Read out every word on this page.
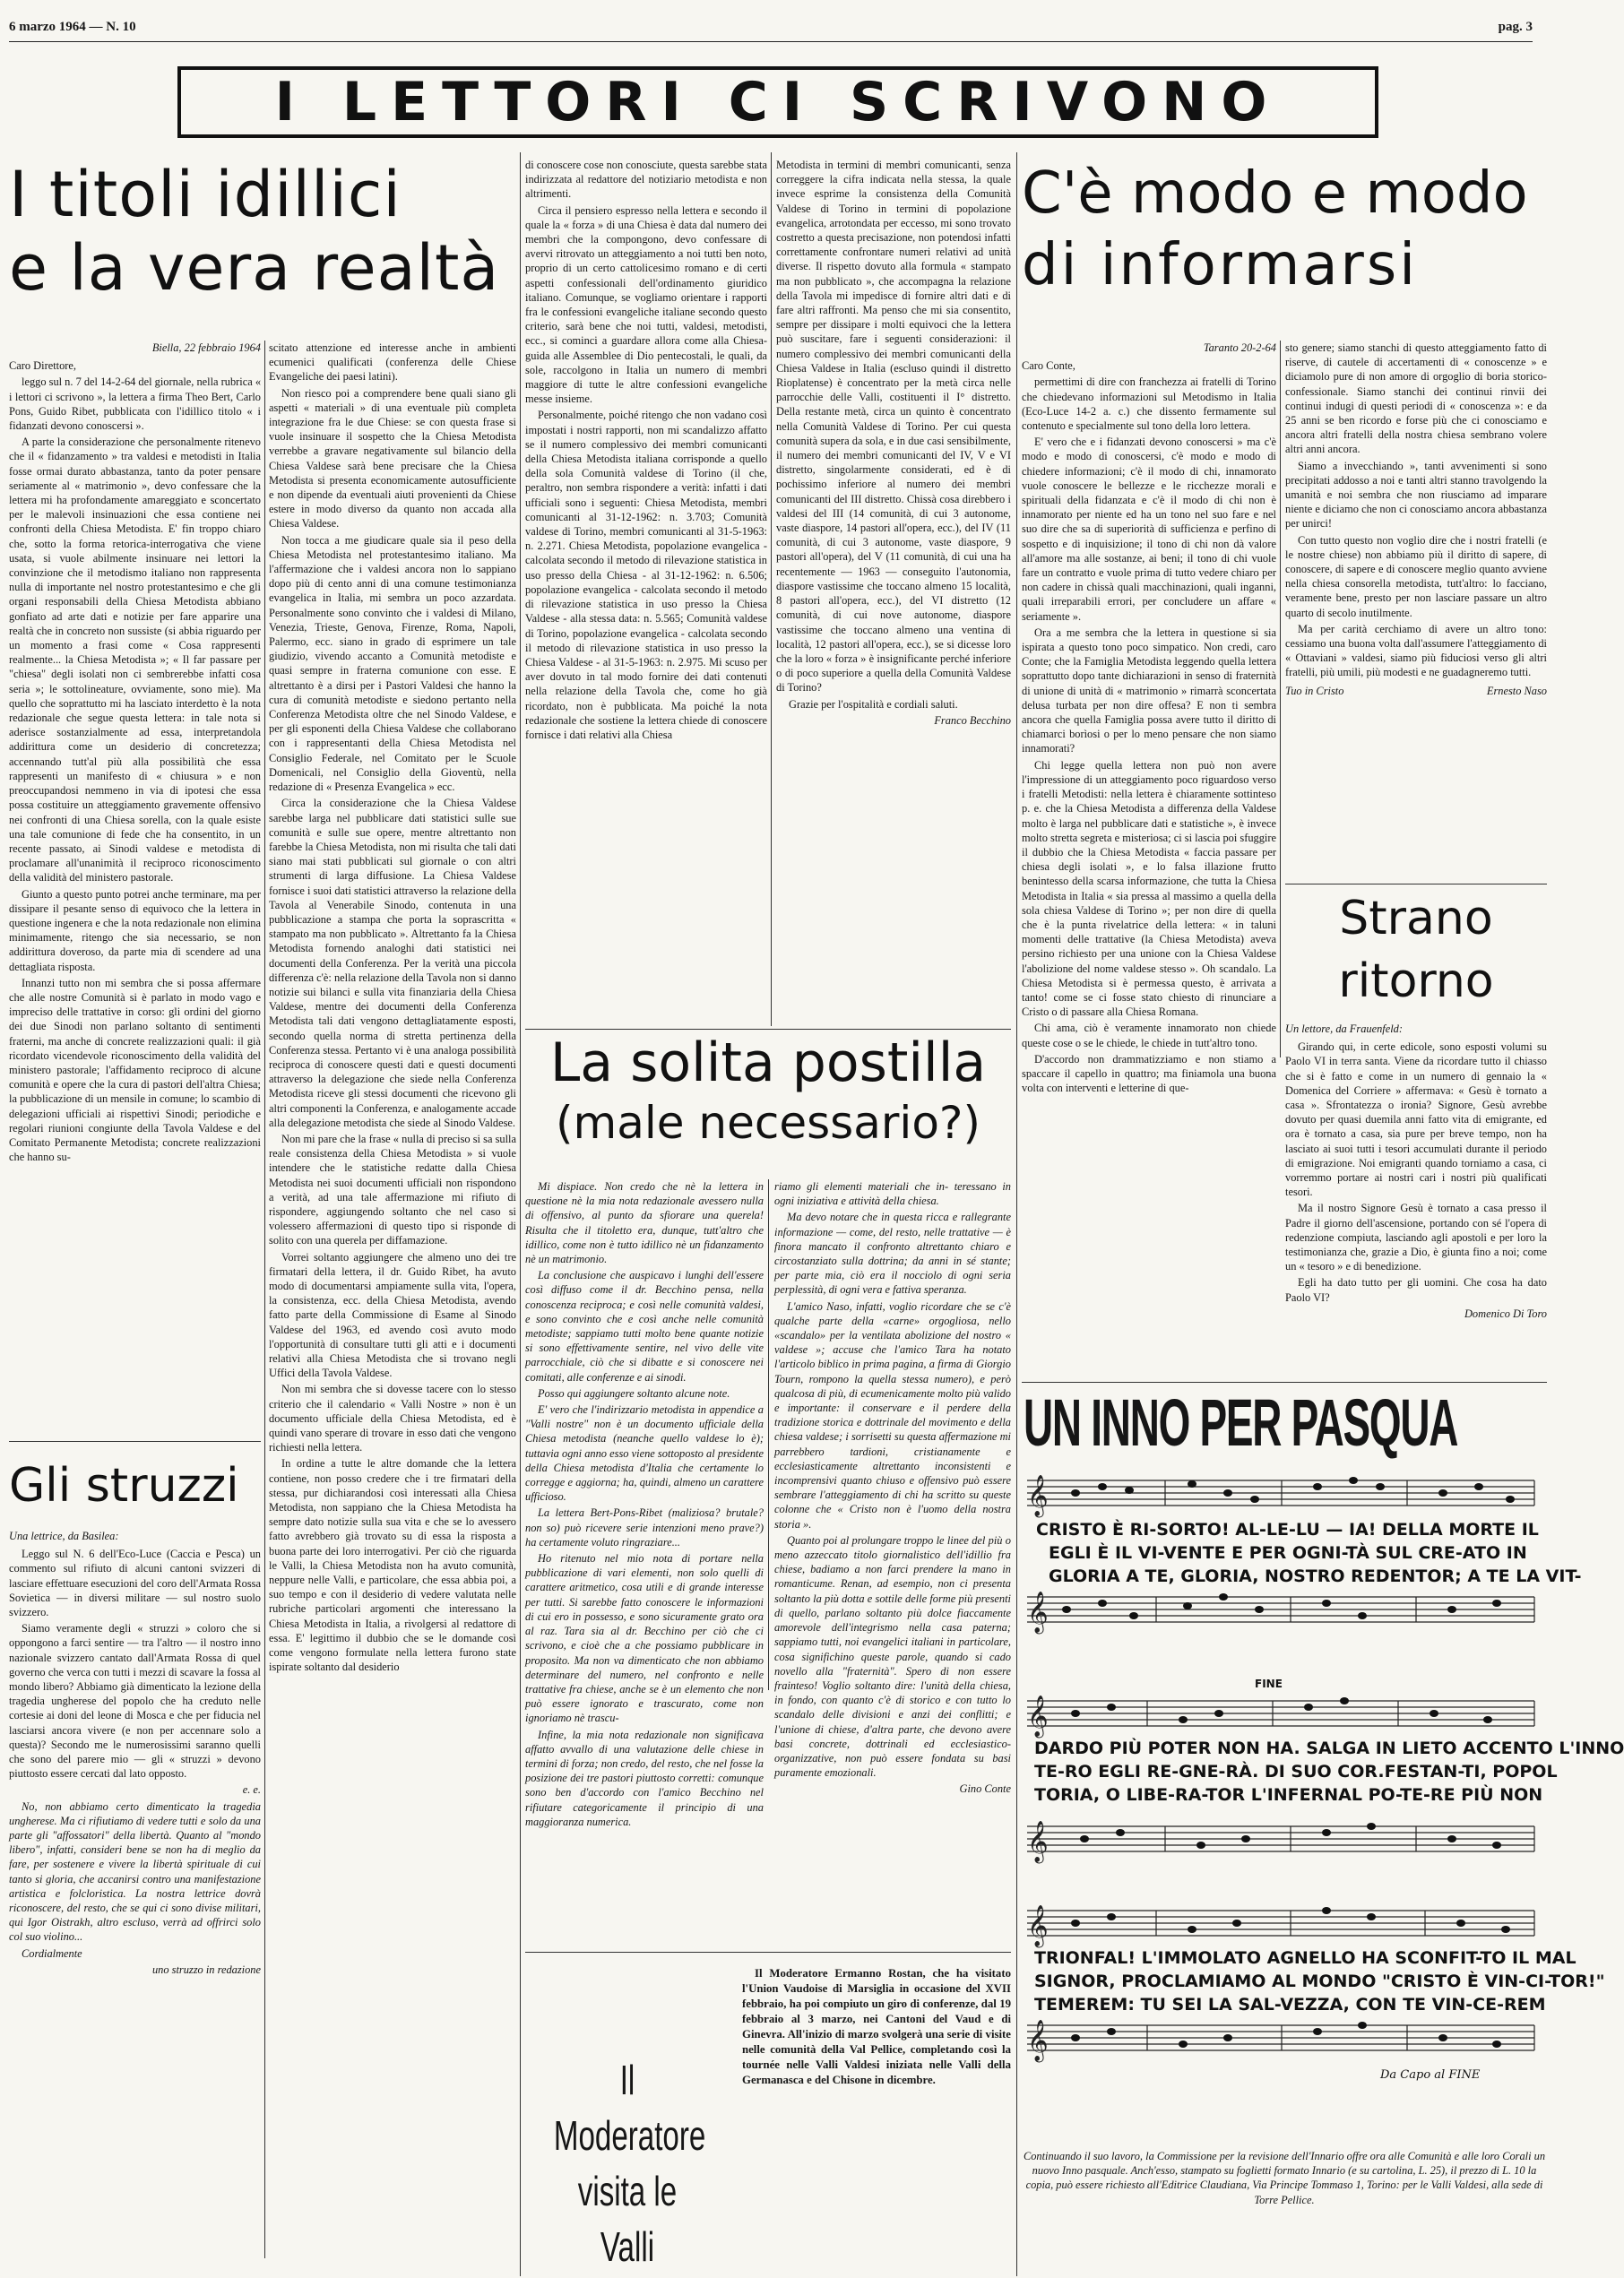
6 marzo 1964 — N. 10	pag. 3
I LETTORI CI SCRIVONO
I titoli idillici
e la vera realtà

Biella, 22 febbraio 1964

Caro Direttore,

leggo sul n. 7 del 14-2-64 del giornale, nella rubrica « i lettori ci scrivono », la lettera a firma Theo Bert, Carlo Pons, Guido Ribet, pubblicata con l'idillico titolo « i fidanzati devono conoscersi ».

A parte la considerazione che personalmente ritenevo che il « fidanzamento » tra valdesi e metodisti in Italia fosse ormai durato abbastanza, tanto da poter pensare seriamente al « matrimonio », devo confessare che la lettera mi ha profondamente amareggiato e sconcertato per le malevoli insinuazioni che essa contiene nei confronti della Chiesa Metodista. E' fin troppo chiaro che, sotto la forma retorica-interrogativa che viene usata, si vuole abilmente insinuare nei lettori la convinzione che il metodismo italiano non rappresenta nulla di importante nel nostro protestantesimo e che gli organi responsabili della Chiesa Metodista abbiano gonfiato ad arte dati e notizie per fare apparire una realtà che in concreto non sussiste (si abbia riguardo per un momento a frasi come « Cosa rappresenti realmente... la Chiesa Metodista »; « Il far passare per "chiesa" degli isolati non ci sembrerebbe infatti cosa seria »; le sottolineature, ovviamente, sono mie). Ma quello che soprattutto mi ha lasciato interdetto è la nota redazionale che segue questa lettera: in tale nota si aderisce sostanzialmente ad essa, interpretandola addirittura come un desiderio di concretezza; accennando tutt'al più alla possibilità che essa rappresenti un manifesto di « chiusura » e non preoccupandosi nemmeno in via di ipotesi che essa possa costituire un atteggiamento gravemente offensivo nei confronti di una Chiesa sorella, con la quale esiste una tale comunione di fede che ha consentito, in un recente passato, ai Sinodi valdese e metodista di proclamare all'unanimità il reciproco riconoscimento della validità del ministero pastorale.

Giunto a questo punto potrei anche terminare, ma per dissipare il pesante senso di equivoco che la lettera in questione ingenera e che la nota redazionale non elimina minimamente, ritengo che sia necessario, se non addirittura doveroso, da parte mia di scendere ad una dettagliata risposta.

Innanzi tutto non mi sembra che si possa affermare che alle nostre Comunità si è parlato in modo vago e impreciso delle trattative in corso: gli ordini del giorno dei due Sinodi non parlano soltanto di sentimenti fraterni, ma anche di concrete realizzazioni quali: il già ricordato vicendevole riconoscimento della validità del ministero pastorale; l'affidamento reciproco di alcune comunità e opere che la cura di pastori dell'altra Chiesa; la pubblicazione di un mensile in comune; lo scambio di delegazioni ufficiali ai rispettivi Sinodi; periodiche e regolari riunioni congiunte della Tavola Valdese e del Comitato Permanente Metodista; concrete realizzazioni che hanno su-

scitato attenzione ed interesse anche in ambienti ecumenici qualificati (conferenza delle Chiese Evangeliche dei paesi latini).

Non riesco poi a comprendere bene quali siano gli aspetti « materiali » di una eventuale più completa integrazione fra le due Chiese: se con questa frase si vuole insinuare il sospetto che la Chiesa Metodista verrebbe a gravare negativamente sul bilancio della Chiesa Valdese sarà bene precisare che la Chiesa Metodista si presenta economicamente autosufficiente e non dipende da eventuali aiuti provenienti da Chiese estere in modo diverso da quanto non accada alla Chiesa Valdese.

Non tocca a me giudicare quale sia il peso della Chiesa Metodista nel protestantesimo italiano. Ma l'affermazione che i valdesi ancora non lo sappiano dopo più di cento anni di una comune testimonianza evangelica in Italia, mi sembra un poco azzardata. Personalmente sono convinto che i valdesi di Milano, Venezia, Trieste, Genova, Firenze, Roma, Napoli, Palermo, ecc. siano in grado di esprimere un tale giudizio, vivendo accanto a Comunità metodiste e quasi sempre in fraterna comunione con esse. E altrettanto è a dirsi per i Pastori Valdesi che hanno la cura di comunità metodiste e siedono pertanto nella Conferenza Metodista oltre che nel Sinodo Valdese, e per gli esponenti della Chiesa Valdese che collaborano con i rappresentanti della Chiesa Metodista nel Consiglio Federale, nel Comitato per le Scuole Domenicali, nel Consiglio della Gioventù, nella redazione di « Presenza Evangelica » ecc.

Circa la considerazione che la Chiesa Valdese sarebbe larga nel pubblicare dati statistici sulle sue comunità e sulle sue opere, mentre altrettanto non farebbe la Chiesa Metodista, non mi risulta che tali dati siano mai stati pubblicati sul giornale o con altri strumenti di larga diffusione. La Chiesa Valdese fornisce i suoi dati statistici attraverso la relazione della Tavola al Venerabile Sinodo, contenuta in una pubblicazione a stampa che porta la soprascritta « stampato ma non pubblicato ». Altrettanto fa la Chiesa Metodista fornendo analoghi dati statistici nei documenti della Conferenza. Per la verità una piccola differenza c'è: nella relazione della Tavola non si danno notizie sui bilanci e sulla vita finanziaria della Chiesa Valdese, mentre dei documenti della Conferenza Metodista tali dati vengono dettagliatamente esposti, secondo quella norma di stretta pertinenza della Conferenza stessa. Pertanto vi è una analoga possibilità reciproca di conoscere questi dati e questi documenti attraverso la delegazione che siede nella Conferenza Metodista riceve gli stessi documenti che ricevono gli altri componenti la Conferenza, e analogamente accade alla delegazione metodista che siede al Sinodo Valdese.

Non mi pare che la frase « nulla di preciso si sa sulla reale consistenza della Chiesa Metodista » si vuole intendere che le statistiche redatte dalla Chiesa Metodista nei suoi documenti ufficiali non rispondono a verità, ad una tale affermazione mi rifiuto di rispondere, aggiungendo soltanto che nel caso si volessero affermazioni di questo tipo si risponde di solito con una querela per diffamazione.

Vorrei soltanto aggiungere che almeno uno dei tre firmatari della lettera, il dr. Guido Ribet, ha avuto modo di documentarsi ampiamente sulla vita, l'opera, la consistenza, ecc. della Chiesa Metodista, avendo fatto parte della Commissione di Esame al Sinodo Valdese del 1963, ed avendo così avuto modo l'opportunità di consultare tutti gli atti e i documenti relativi alla Chiesa Metodista che si trovano negli Uffici della Tavola Valdese.

Non mi sembra che si dovesse tacere con lo stesso criterio che il calendario « Valli Nostre » non è un documento ufficiale della Chiesa Metodista, ed è quindi vano sperare di trovare in esso dati che vengono richiesti nella lettera.

In ordine a tutte le altre domande che la lettera contiene, non posso credere che i tre firmatari della stessa, pur dichiarandosi così interessati alla Chiesa Metodista, non sappiano che la Chiesa Metodista ha sempre dato notizie sulla sua vita e che se lo avessero fatto avrebbero già trovato su di essa la risposta a buona parte dei loro interrogativi. Per ciò che riguarda le Valli, la Chiesa Metodista non ha avuto comunità, neppure nelle Valli, e particolare, che essa abbia poi, a suo tempo e con il desiderio di vedere valutata nelle rubriche particolari argomenti che interessano la Chiesa Metodista in Italia, a rivolgersi al redattore di essa. E' legittimo il dubbio che se le domande così come vengono formulate nella lettera furono state ispirate soltanto dal desiderio

Gli struzzi

Una lettrice, da Basilea:

Leggo sul N. 6 dell'Eco-Luce (Caccia e Pesca) un commento sul rifiuto di alcuni cantoni svizzeri di lasciare effettuare esecuzioni del coro dell'Armata Rossa Sovietica — in diversi militare — sul nostro suolo svizzero.

Siamo veramente degli « struzzi » coloro che si oppongono a farci sentire — tra l'altro — il nostro inno nazionale svizzero cantato dall'Armata Rossa di quel governo che verca con tutti i mezzi di scavare la fossa al mondo libero? Abbiamo già dimenticato la lezione della tragedia ungherese del popolo che ha creduto nelle cortesie ai doni del leone di Mosca e che per fiducia nel lasciarsi ancora vivere (e non per accennare solo a questa)? Secondo me le numerosissimi saranno quelli che sono del parere mio — gli « struzzi » devono piuttosto essere cercati dal lato opposto.

e. e.

No, non abbiamo certo dimenticato la tragedia ungherese. Ma ci rifiutiamo di vedere tutti e solo da una parte gli "affossatori" della libertà. Quanto al "mondo libero", infatti, consideri bene se non ha di meglio da fare, per sostenere e vivere la libertà spirituale di cui tanto si gloria, che accanirsi contro una manifestazione artistica e folcloristica. La nostra lettrice dovrà riconoscere, del resto, che se qui ci sono divise militari, qui Igor Oistrakh, altro escluso, verrà ad offrirci solo col suo violino...

Cordialmente

uno struzzo in redazione

di conoscere cose non conosciute, questa sarebbe stata indirizzata al redattore del notiziario metodista e non altrimenti.

Circa il pensiero espresso nella lettera e secondo il quale la « forza » di una Chiesa è data dal numero dei membri che la compongono, devo confessare di avervi ritrovato un atteggiamento a noi tutti ben noto, proprio di un certo cattolicesimo romano e di certi aspetti confessionali dell'ordinamento giuridico italiano. Comunque, se vogliamo orientare i rapporti fra le confessioni evangeliche italiane secondo questo criterio, sarà bene che noi tutti, valdesi, metodisti, ecc., si cominci a guardare allora come alla Chiesa-guida alle Assemblee di Dio pentecostali, le quali, da sole, raccolgono in Italia un numero di membri maggiore di tutte le altre confessioni evangeliche messe insieme.

Personalmente, poiché ritengo che non vadano così impostati i nostri rapporti, non mi scandalizzo affatto se il numero complessivo dei membri comunicanti della Chiesa Metodista italiana corrisponde a quello della sola Comunità valdese di Torino (il che, peraltro, non sembra rispondere a verità: infatti i dati ufficiali sono i seguenti: Chiesa Metodista, membri comunicanti al 31-12-1962: n. 3.703; Comunità valdese di Torino, membri comunicanti al 31-5-1963: n. 2.271. Chiesa Metodista, popolazione evangelica - calcolata secondo il metodo di rilevazione statistica in uso presso della Chiesa - al 31-12-1962: n. 6.506; popolazione evangelica - calcolata secondo il metodo di rilevazione statistica in uso presso la Chiesa Valdese - alla stessa data: n. 5.565; Comunità valdese di Torino, popolazione evangelica - calcolata secondo il metodo di rilevazione statistica in uso presso la Chiesa Valdese - al 31-5-1963: n. 2.975. Mi scuso per aver dovuto in tal modo fornire dei dati contenuti nella relazione della Tavola che, come ho già ricordato, non è pubblicata. Ma poiché la nota redazionale che sostiene la lettera chiede di conoscere fornisce i dati relativi alla Chiesa

Metodista in termini di membri comunicanti, senza correggere la cifra indicata nella stessa, la quale invece esprime la consistenza della Comunità Valdese di Torino in termini di popolazione evangelica, arrotondata per eccesso, mi sono trovato costretto a questa precisazione, non potendosi infatti correttamente confrontare numeri relativi ad unità diverse. Il rispetto dovuto alla formula « stampato ma non pubblicato », che accompagna la relazione della Tavola mi impedisce di fornire altri dati e di fare altri raffronti. Ma penso che mi sia consentito, sempre per dissipare i molti equivoci che la lettera può suscitare, fare i seguenti considerazioni: il numero complessivo dei membri comunicanti della Chiesa Valdese in Italia (escluso quindi il distretto Rioplatense) è concentrato per la metà circa nelle parrocchie delle Valli, costituenti il I° distretto. Della restante metà, circa un quinto è concentrato nella Comunità Valdese di Torino. Per cui questa comunità supera da sola, e in due casi sensibilmente, il numero dei membri comunicanti del IV, V e VI distretto, singolarmente considerati, ed è di pochissimo inferiore al numero dei membri comunicanti del III distretto. Chissà cosa direbbero i valdesi del III (14 comunità, di cui 3 autonome, vaste diaspore, 14 pastori all'opera, ecc.), del IV (11 comunità, di cui 3 autonome, vaste diaspore, 9 pastori all'opera), del V (11 comunità, di cui una ha recentemente — 1963 — conseguito l'autonomia, diaspore vastissime che toccano almeno 15 località, 8 pastori all'opera, ecc.), del VI distretto (12 comunità, di cui nove autonome, diaspore vastissime che toccano almeno una ventina di località, 12 pastori all'opera, ecc.), se si dicesse loro che la loro « forza » è insignificante perché inferiore o di poco superiore a quella della Comunità Valdese di Torino?

Grazie per l'ospitalità e cordiali saluti.

Franco Becchino

La solita postilla
(male necessario?)

Mi dispiace. Non credo che nè la lettera in questione nè la mia nota redazionale avessero nulla di offensivo, al punto da sfiorare una querela! Risulta che il titoletto era, dunque, tutt'altro che idillico, come non è tutto idillico nè un fidanzamento nè un matrimonio.

La conclusione che auspicavo i lunghi dell'essere così diffuso come il dr. Becchino pensa, nella conoscenza reciproca; e così nelle comunità valdesi, e sono convinto che e così anche nelle comunità metodiste; sappiamo tutti molto bene quante notizie si sono effettivamente sentire, nel vivo delle vite parrocchiale, ciò che si dibatte e si conoscere nei comitati, alle conferenze e ai sinodi.

Posso qui aggiungere soltanto alcune note.

E' vero che l'indirizzario metodista in appendice a "Valli nostre" non è un documento ufficiale della Chiesa metodista (neanche quello valdese lo è); tuttavia ogni anno esso viene sottoposto al presidente della Chiesa metodista d'Italia che certamente lo corregge e aggiorna; ha, quindi, almeno un carattere ufficioso.

La lettera Bert-Pons-Ribet (maliziosa? brutale? non so) può ricevere serie intenzioni meno prave?) ha certamente voluto ringraziare...

Ho ritenuto nel mio nota di portare nella pubblicazione di vari elementi, non solo quelli di carattere aritmetico, cosa utili e di grande interesse per tutti. Si sarebbe fatto conoscere le informazioni di cui ero in possesso, e sono sicuramente grato ora al raz. Tara sia al dr. Becchino per ciò che ci scrivono, e cioè che a che possiamo pubblicare in proposito. Ma non va dimenticato che non abbiamo determinare del numero, nel confronto e nelle trattative fra chiese, anche se è un elemento che non può essere ignorato e trascurato, come non ignoriamo nè trascu-

Infine, la mia nota redazionale non significava affatto avvallo di una valutazione delle chiese in termini di forza; non credo, del resto, che nel fosse la posizione dei tre pastori piuttosto corretti: comunque sono ben d'accordo con l'amico Becchino nel rifiutare categoricamente il principio di una maggioranza numerica.

riamo gli elementi materiali che in- teressano in ogni iniziativa e attività della chiesa.

Ma devo notare che in questa ricca e rallegrante informazione — come, del resto, nelle trattative — è finora mancato il confronto altrettanto chiaro e circostanziato sulla dottrina; da anni in sé stante; per parte mia, ciò era il nocciolo di ogni seria perplessità, di ogni vera e fattiva speranza.

L'amico Naso, infatti, voglio ricordare che se c'è qualche parte della «carne» orgogliosa, nello «scandalo» per la ventilata abolizione del nostro « valdese »; accuse che l'amico Tara ha notato l'articolo biblico in prima pagina, a firma di Giorgio Tourn, rompono la quella stessa numero), e però qualcosa di più, di ecumenicamente molto più valido e importante: il conservare e il perdere della tradizione storica e dottrinale del movimento e della chiesa valdese; i sorrisetti su questa affermazione mi parrebbero tardioni, cristianamente e ecclesiasticamente altrettanto inconsistenti e incomprensivi quanto chiuso e offensivo può essere sembrare l'atteggiamento di chi ha scritto su queste colonne che « Cristo non è l'uomo della nostra storia ».

Quanto poi al prolungare troppo le linee del più o meno azzeccato titolo giornalistico dell'idillio fra chiese, badiamo a non farci prendere la mano in romanticume. Renan, ad esempio, non ci presenta soltanto la più dotta e sottile delle forme più presenti di quello, parlano soltanto più dolce fiaccamente amorevole dell'integrismo nella casa paterna; sappiamo tutti, noi evangelici italiani in particolare, cosa significhino queste parole, quando si cado novello alla "fraternità". Spero di non essere frainteso! Voglio soltanto dire: l'unità della chiesa, in fondo, con quanto c'è di storico e con tutto lo scandalo delle divisioni e anzi dei conflitti; e l'unione di chiese, d'altra parte, che devono avere basi concrete, dottrinali ed ecclesiastico-organizzative, non può essere fondata su basi puramente emozionali.

Gino Conte

Il Moderatore
visita le Valli

Il Moderatore Ermanno Rostan, che ha visitato l'Union Vaudoise di Marsiglia in occasione del XVII febbraio, ha poi compiuto un giro di conferenze, dal 19 febbraio al 3 marzo, nei Cantoni del Vaud e di Ginevra. All'inizio di marzo svolgerà una serie di visite nelle comunità della Val Pellice, completando così la tournée nelle Valli Valdesi iniziata nelle Valli della Germanasca e del Chisone in dicembre.

C'è modo e modo
di informarsi

Taranto 20-2-64

Caro Conte,

permettimi di dire con franchezza ai fratelli di Torino che chiedevano informazioni sul Metodismo in Italia (Eco-Luce 14-2 a. c.) che dissento fermamente sul contenuto e specialmente sul tono della loro lettera.

E' vero che e i fidanzati devono conoscersi » ma c'è modo e modo di conoscersi, c'è modo e modo di chiedere informazioni; c'è il modo di chi, innamorato vuole conoscere le bellezze e le ricchezze morali e spirituali della fidanzata e c'è il modo di chi non è innamorato per niente ed ha un tono nel suo fare e nel suo dire che sa di superiorità di sufficienza e perfino di sospetto e di inquisizione; il tono di chi non dà valore all'amore ma alle sostanze, ai beni; il tono di chi vuole fare un contratto e vuole prima di tutto vedere chiaro per non cadere in chissà quali macchinazioni, quali inganni, quali irreparabili errori, per concludere un affare « seriamente ».

Ora a me sembra che la lettera in questione si sia ispirata a questo tono poco simpatico. Non credi, caro Conte; che la Famiglia Metodista leggendo quella lettera soprattutto dopo tante dichiarazioni in senso di fraternità di unione di unità di « matrimonio » rimarrà sconcertata delusa turbata per non dire offesa? E non ti sembra ancora che quella Famiglia possa avere tutto il diritto di chiamarci borìosi o per lo meno pensare che non siamo innamorati?

Chi legge quella lettera non può non avere l'impressione di un atteggiamento poco riguardoso verso i fratelli Metodisti: nella lettera è chiaramente sottinteso p. e. che la Chiesa Metodista a differenza della Valdese molto è larga nel pubblicare dati e statistiche », è invece molto stretta segreta e misteriosa; ci si lascia poi sfuggire il dubbio che la Chiesa Metodista « faccia passare per chiesa degli isolati », e lo falsa illazione frutto benintesso della scarsa informazione, che tutta la Chiesa Metodista in Italia « sia pressa al massimo a quella della sola chiesa Valdese di Torino »; per non dire di quella che è la punta rivelatrice della lettera: « in taluni momenti delle trattative (la Chiesa Metodista) aveva persino richiesto per una unione con la Chiesa Valdese l'abolizione del nome valdese stesso ». Oh scandalo. La Chiesa Metodista si è permessa questo, è arrivata a tanto! come se ci fosse stato chiesto di rinunciare a Cristo o di passare alla Chiesa Romana.

Chi ama, ciò è veramente innamorato non chiede queste cose o se le chiede, le chiede in tutt'altro tono.

D'accordo non drammatizziamo e non stiamo a spaccare il capello in quattro; ma finiamola una buona volta con interventi e letterine di que-

sto genere; siamo stanchi di questo atteggiamento fatto di riserve, di cautele di accertamenti di « conoscenze » e diciamolo pure di non amore di orgoglio di boria storico-confessionale. Siamo stanchi dei continui rinvii dei continui indugi di questi periodi di « conoscenza »: e da 25 anni se ben ricordo e forse più che ci conosciamo e ancora altri fratelli della nostra chiesa sembrano volere altri anni ancora.

Siamo a invecchiando », tanti avvenimenti si sono precipitati addosso a noi e tanti altri stanno travolgendo la umanità e noi sembra che non riusciamo ad imparare niente e diciamo che non ci conosciamo ancora abbastanza per unirci!

Con tutto questo non voglio dire che i nostri fratelli (e le nostre chiese) non abbiamo più il diritto di sapere, di conoscere, di sapere e di conoscere meglio quanto avviene nella chiesa consorella metodista, tutt'altro: lo facciano, veramente bene, presto per non lasciare passare un altro quarto di secolo inutilmente.

Ma per carità cerchiamo di avere un altro tono: cessiamo una buona volta dall'assumere l'atteggiamento di « Ottaviani » valdesi, siamo più fiduciosi verso gli altri fratelli, più umili, più modesti e ne guadagneremo tutti.

Tuo in Cristo	Ernesto Naso
Strano
ritorno

Un lettore, da Frauenfeld:

Girando qui, in certe edicole, sono esposti volumi su Paolo VI in terra santa. Viene da ricordare tutto il chiasso che si è fatto e come in un numero di gennaio la « Domenica del Corriere » affermava: « Gesù è tornato a casa ». Sfrontatezza o ironia? Signore, Gesù avrebbe dovuto per quasi duemila anni fatto vita di emigrante, ed ora è tornato a casa, sia pure per breve tempo, non ha lasciato ai suoi tutti i tesori accumulati durante il periodo di emigrazione. Noi emigranti quando torniamo a casa, ci vorremmo portare ai nostri cari i nostri più qualificati tesori.

Ma il nostro Signore Gesù è tornato a casa presso il Padre il giorno dell'ascensione, portando con sé l'opera di redenzione compiuta, lasciando agli apostoli e per loro la testimonianza che, grazie a Dio, è giunta fino a noi; come un « tesoro » e di benedizione.

Egli ha dato tutto per gli uomini. Che cosa ha dato Paolo VI?

Domenico Di Toro

UN INNO PER PASQUA
𝄞
𝄞
𝄞
𝄞
𝄞
𝄞
CRISTO È RI-SORTO! AL-LE-LU — IA! DELLA MORTE IL
EGLI È IL VI-VENTE E PER OGNI-TÀ SUL CRE-ATO IN
GLORIA A TE, GLORIA, NOSTRO REDENTOR; A TE LA VIT-
FINE
DARDO PIÙ POTER NON HA. SALGA IN LIETO ACCENTO L'INNO
TE-RO EGLI RE-GNE-RÀ. DI SUO COR.FESTAN-TI, POPOL
TORIA, O LIBE-RA-TOR L'INFERNAL PO-TE-RE PIÙ NON
TRIONFAL! L'IMMOLATO AGNELLO HA SCONFIT-TO IL MAL
SIGNOR, PROCLAMIAMO AL MONDO "CRISTO È VIN-CI-TOR!"
TEMEREM: TU SEI LA SAL-VEZZA, CON TE VIN-CE-REM
Da Capo al FINE

Continuando il suo lavoro, la Commissione per la revisione dell'Innario offre ora alle Comunità e alle loro Corali un nuovo Inno pasquale. Anch'esso, stampato su foglietti formato Innario (e su cartolina, L. 25), il prezzo di L. 10 la copia, può essere richiesto all'Editrice Claudiana, Via Principe Tommaso 1, Torino: per le Valli Valdesi, alla sede di Torre Pellice.
